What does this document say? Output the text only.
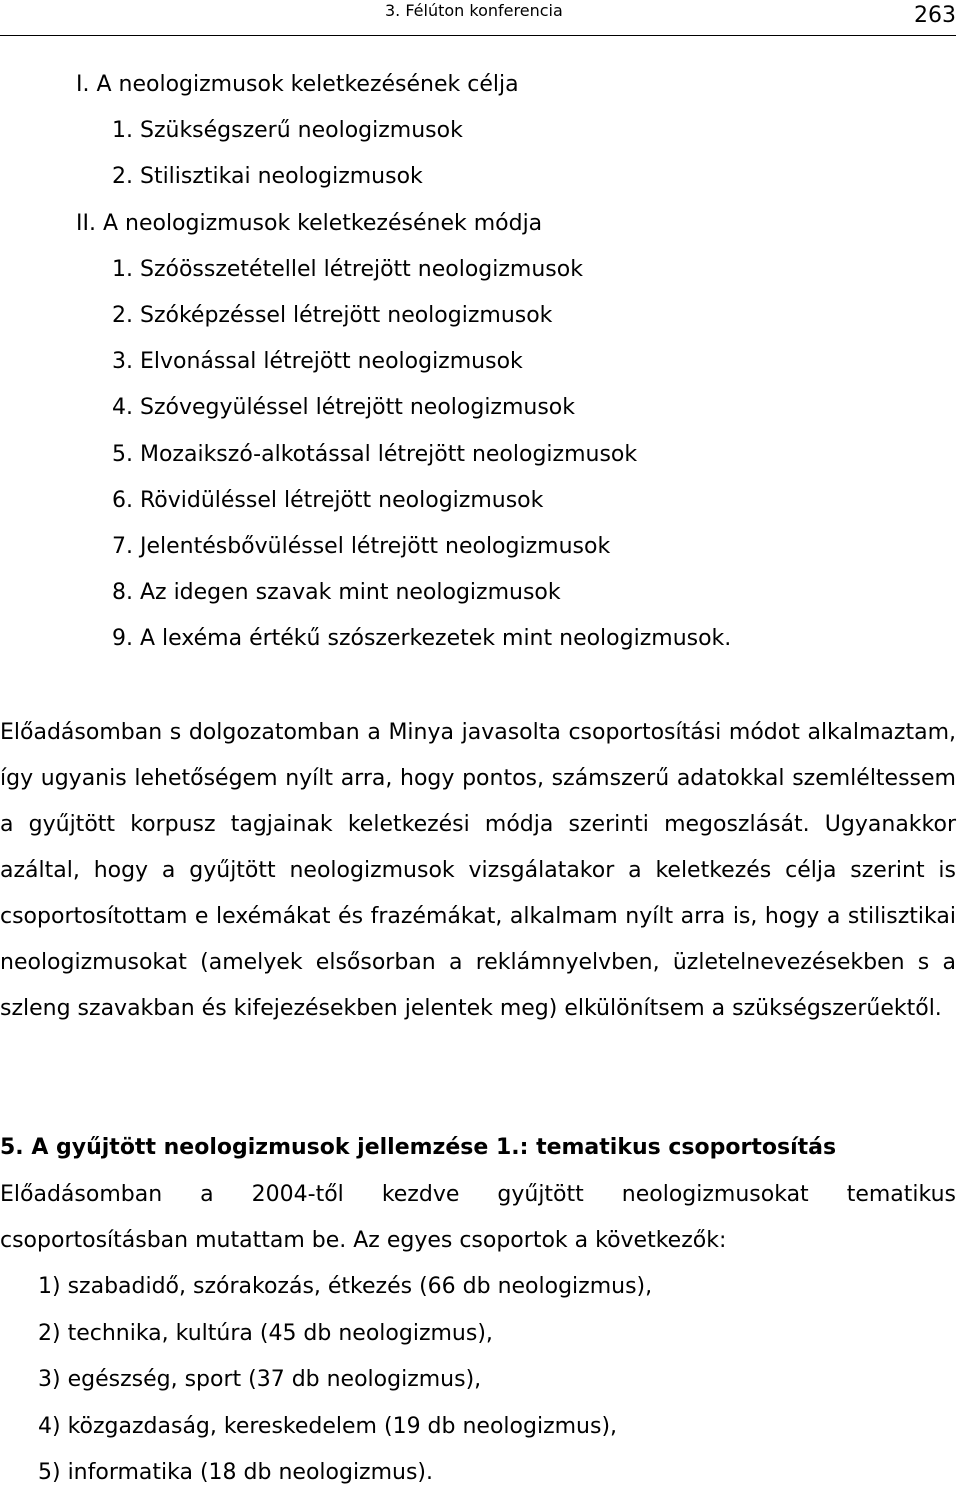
3. Félúton konferencia	263
I. A neologizmusok keletkezésének célja
1. Szükségszerű neologizmusok
2. Stilisztikai neologizmusok
II. A neologizmusok keletkezésének módja
1. Szóösszetétellel létrejött neologizmusok
2. Szóképzéssel létrejött neologizmusok
3. Elvonással létrejött neologizmusok
4. Szóvegyüléssel létrejött neologizmusok
5. Mozaikszó-alkotással létrejött neologizmusok
6. Rövidüléssel létrejött neologizmusok
7. Jelentésbővüléssel létrejött neologizmusok
8. Az idegen szavak mint neologizmusok
9. A lexéma értékű szószerkezetek mint neologizmusok.

Előadásomban s dolgozatomban a Minya javasolta csoportosítási módot alkalmaztam, így ugyanis lehetőségem nyílt arra, hogy pontos, számszerű adatokkal szemléltessem a gyűjtött korpusz tagjainak keletkezési módja szerinti megoszlását. Ugyanakkor azáltal, hogy a gyűjtött neologizmusok vizsgálatakor a keletkezés célja szerint is csoportosítottam e lexémákat és frazémákat, alkalmam nyílt arra is, hogy a stilisztikai neologizmusokat (amelyek elsősorban a reklámnyelvben, üzletelnevezésekben s a szleng szavakban és kifejezésekben jelentek meg) elkülönítsem a szükségszerűektől.

5. A gyűjtött neologizmusok jellemzése 1.: tematikus csoportosítás

Előadásomban a 2004-től kezdve gyűjtött neologizmusokat tematikus csoportosításban mutattam be. Az egyes csoportok a következők:

1) szabadidő, szórakozás, étkezés (66 db neologizmus),
2) technika, kultúra (45 db neologizmus),
3) egészség, sport (37 db neologizmus),
4) közgazdaság, kereskedelem (19 db neologizmus),
5) informatika (18 db neologizmus).
